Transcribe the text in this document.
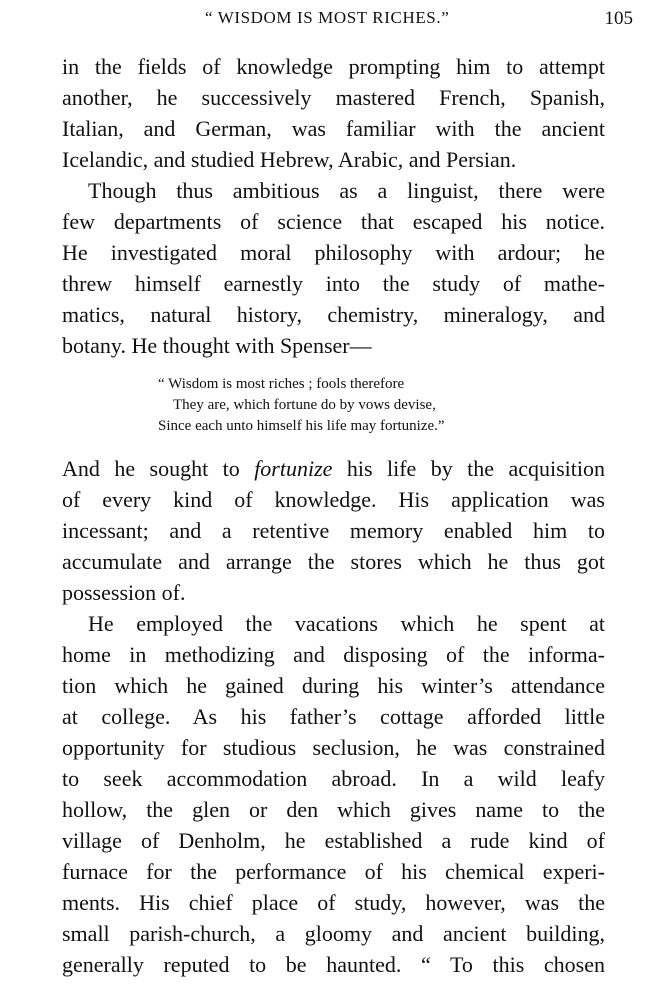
“ WISDOM IS MOST RICHES.”	105
in the fields of knowledge prompting him to attempt
another, he successively mastered French, Spanish,
Italian, and German, was familiar with the ancient
Icelandic, and studied Hebrew, Arabic, and Persian.
Though thus ambitious as a linguist, there were
few departments of science that escaped his notice.
He investigated moral philosophy with ardour; he
threw himself earnestly into the study of mathe-
matics, natural history, chemistry, mineralogy, and
botany. He thought with Spenser—
“ Wisdom is most riches ; fools therefore
They are, which fortune do by vows devise,
Since each unto himself his life may fortunize.”
And he sought to fortunize his life by the acquisition
of every kind of knowledge. His application was
incessant; and a retentive memory enabled him to
accumulate and arrange the stores which he thus got
possession of.
He employed the vacations which he spent at
home in methodizing and disposing of the informa-
tion which he gained during his winter’s attendance
at college. As his father’s cottage afforded little
opportunity for studious seclusion, he was constrained
to seek accommodation abroad. In a wild leafy
hollow, the glen or den which gives name to the
village of Denholm, he established a rude kind of
furnace for the performance of his chemical experi-
ments. His chief place of study, however, was the
small parish-church, a gloomy and ancient building,
generally reputed to be haunted. “ To this chosen
